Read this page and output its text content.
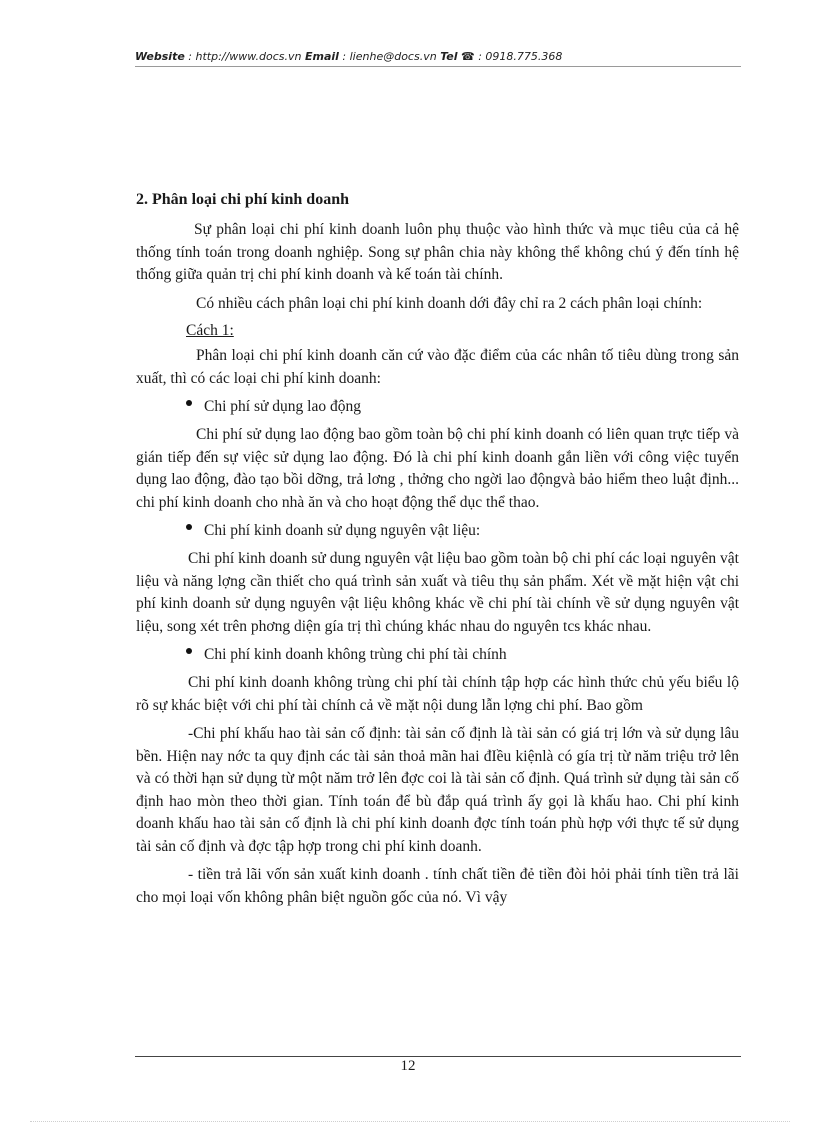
Website : http://www.docs.vn Email : lienhe@docs.vn Tel ☎ : 0918.775.368
2. Phân loại chi phí kinh doanh

Sự phân loại chi phí kinh doanh luôn phụ thuộc vào hình thức và mục tiêu của cả hệ thống tính toán trong doanh nghiệp. Song sự phân chia này không thể không chú ý đến tính hệ thống giữa quản trị chi phí kinh doanh và kế toán tài chính.

Có nhiều cách phân loại chi phí kinh doanh dới đây chỉ ra 2 cách phân loại chính:

Cách 1:

Phân loại chi phí kinh doanh căn cứ vào đặc điểm của các nhân tố tiêu dùng trong sản xuất, thì có các loại chi phí kinh doanh:

Chi phí sử dụng lao động

Chi phí sử dụng lao động bao gồm toàn bộ chi phí kinh doanh có liên quan trực tiếp và gián tiếp đến sự việc sử dụng lao động. Đó là chi phí kinh doanh gắn liền với công việc tuyển dụng lao động, đào tạo bồi dỡng, trả lơng , thởng cho ngời lao độngvà bảo hiểm theo luật định... chi phí kinh doanh cho nhà ăn và cho hoạt động thể dục thể thao.

Chi phí kinh doanh sử dụng nguyên vật liệu:

Chi phí kinh doanh sử dung nguyên vật liệu bao gồm toàn bộ chi phí các loại nguyên vật liệu và năng lợng cần thiết cho quá trình sản xuất và tiêu thụ sản phẩm. Xét về mặt hiện vật chi phí kinh doanh sử dụng nguyên vật liệu không khác về chi phí tài chính về sử dụng nguyên vật liệu, song xét trên phơng diện gía trị thì chúng khác nhau do nguyên tcs khác nhau.

Chi phí kinh doanh không trùng chi phí tài chính

Chi phí kinh doanh không trùng chi phí tài chính tập hợp các hình thức chủ yếu biểu lộ rõ sự khác biệt với chi phí tài chính cả về mặt nội dung lẫn lợng chi phí. Bao gồm

-Chi phí khấu hao tài sản cố định: tài sản cố định là tài sản có giá trị lớn và sử dụng lâu bền. Hiện nay nớc ta quy định các tài sản thoả mãn hai đIều kiệnlà có gía trị từ năm triệu trở lên và có thời hạn sử dụng từ một năm trở lên đợc coi là tài sản cố định. Quá trình sử dụng tài sản cố định hao mòn theo thời gian. Tính toán để bù đắp quá trình ấy gọi là khấu hao. Chi phí kinh doanh khấu hao tài sản cố định là chi phí kinh doanh đợc tính toán phù hợp với thực tế sử dụng tài sản cố định và đợc tập hợp trong chi phí kinh doanh.

- tiền trả lãi vốn sản xuất kinh doanh . tính chất tiền đẻ tiền đòi hỏi phải tính tiền trả lãi cho mọi loại vốn không phân biệt nguồn gốc của nó. Vì vậy

12
